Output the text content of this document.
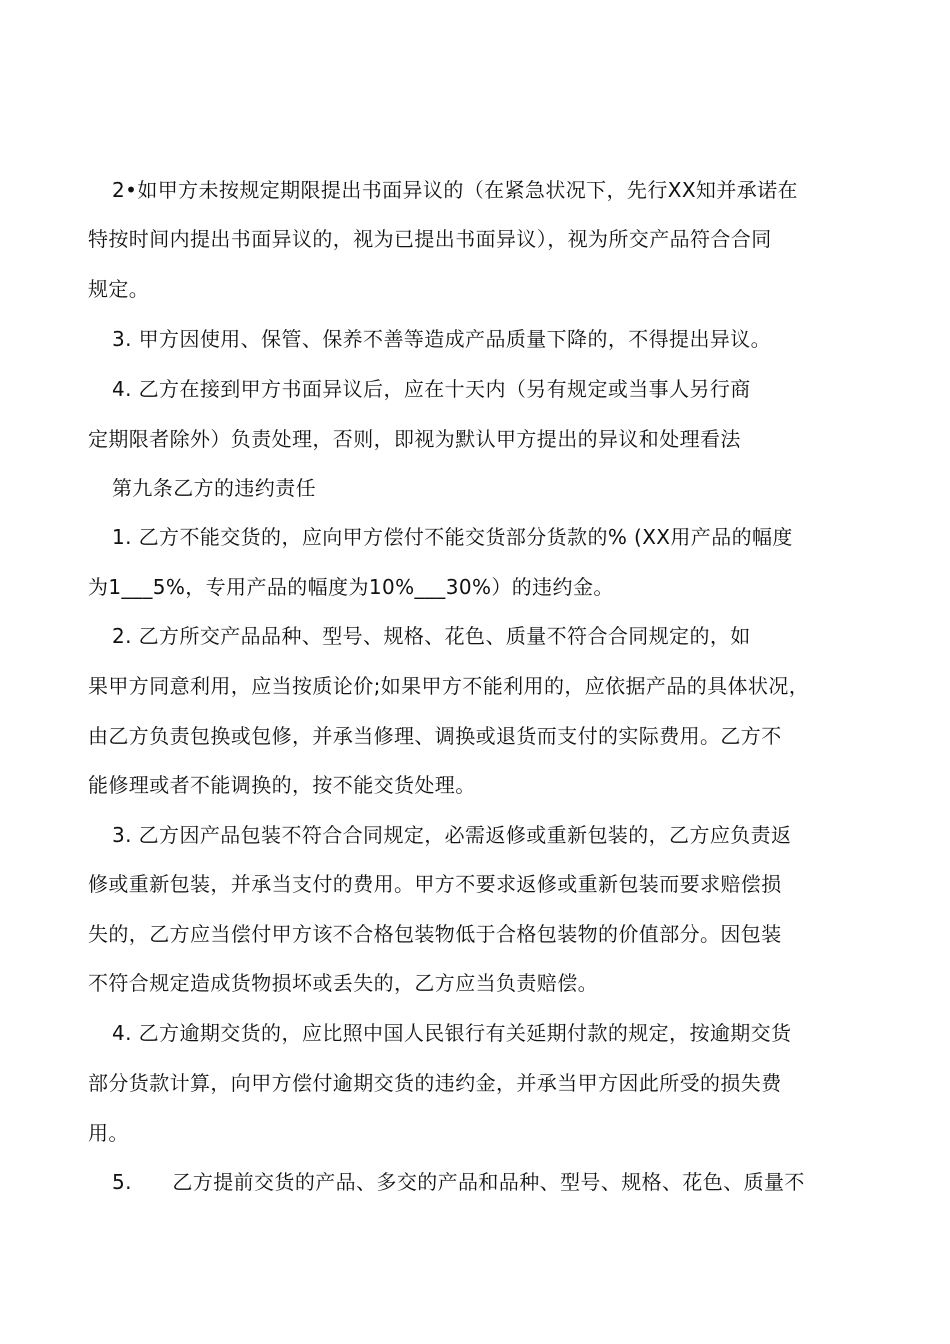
2•如甲方未按规定期限提出书面异议的（在紧急状况下，先行XX知并承诺在

特按时间内提出书面异议的，视为已提出书面异议），视为所交产品符合合同

规定。

3. 甲方因使用、保管、保养不善等造成产品质量下降的，不得提出异议。

4. 乙方在接到甲方书面异议后，应在十天内（另有规定或当事人另行商

定期限者除外）负责处理，否则，即视为默认甲方提出的异议和处理看法

第九条乙方的违约责任

1. 乙方不能交货的，应向甲方偿付不能交货部分货款的% (XX用产品的幅度

为1___5%，专用产品的幅度为10%___30%）的违约金。

2. 乙方所交产品品种、型号、规格、花色、质量不符合合同规定的，如

果甲方同意利用，应当按质论价;如果甲方不能利用的，应依据产品的具体状况，

由乙方负责包换或包修，并承当修理、调换或退货而支付的实际费用。乙方不

能修理或者不能调换的，按不能交货处理。

3. 乙方因产品包装不符合合同规定，必需返修或重新包装的，乙方应负责返

修或重新包装，并承当支付的费用。甲方不要求返修或重新包装而要求赔偿损

失的，乙方应当偿付甲方该不合格包装物低于合格包装物的价值部分。因包装

不符合规定造成货物损坏或丢失的，乙方应当负责赔偿。

4. 乙方逾期交货的，应比照中国人民银行有关延期付款的规定，按逾期交货

部分货款计算，向甲方偿付逾期交货的违约金，并承当甲方因此所受的损失费

用。

5.      乙方提前交货的产品、多交的产品和品种、型号、规格、花色、质量不
